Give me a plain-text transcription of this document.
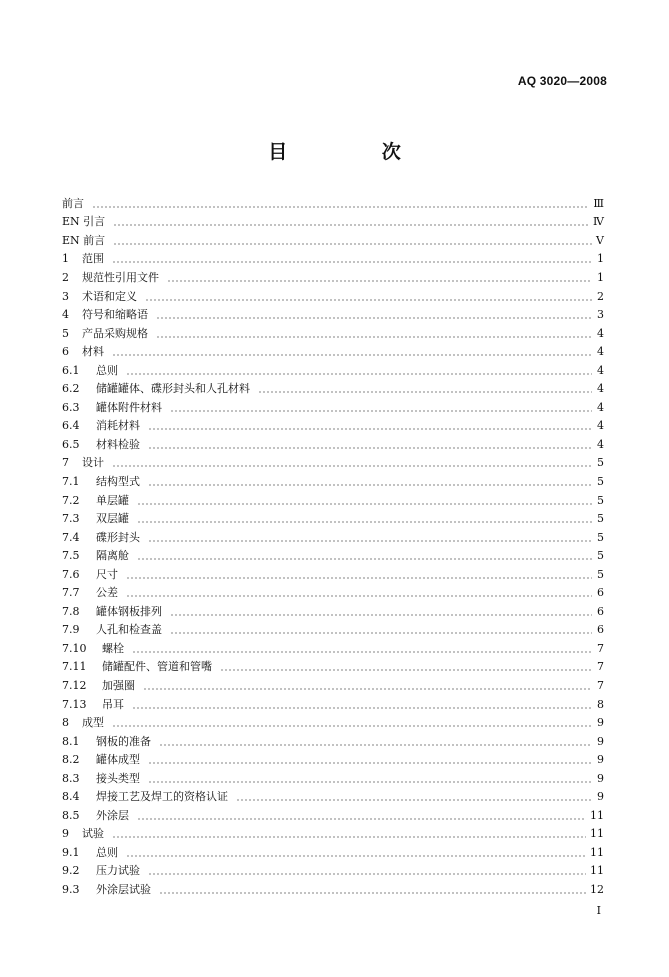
AQ 3020—2008
目 次
前言	Ⅲ
EN 引言	Ⅳ
EN 前言	Ⅴ
1	范围	1
2	规范性引用文件	1
3	术语和定义	2
4	符号和缩略语	3
5	产品采购规格	4
6	材料	4
6.1	总则	4
6.2	储罐罐体、碟形封头和人孔材料	4
6.3	罐体附件材料	4
6.4	消耗材料	4
6.5	材料检验	4
7	设计	5
7.1	结构型式	5
7.2	单层罐	5
7.3	双层罐	5
7.4	碟形封头	5
7.5	隔离舱	5
7.6	尺寸	5
7.7	公差	6
7.8	罐体钢板排列	6
7.9	人孔和检查盖	6
7.10	螺栓	7
7.11	储罐配件、管道和管嘴	7
7.12	加强圈	7
7.13	吊耳	8
8	成型	9
8.1	钢板的准备	9
8.2	罐体成型	9
8.3	接头类型	9
8.4	焊接工艺及焊工的资格认证	9
8.5	外涂层	11
9	试验	11
9.1	总则	11
9.2	压力试验	11
9.3	外涂层试验	12
I
